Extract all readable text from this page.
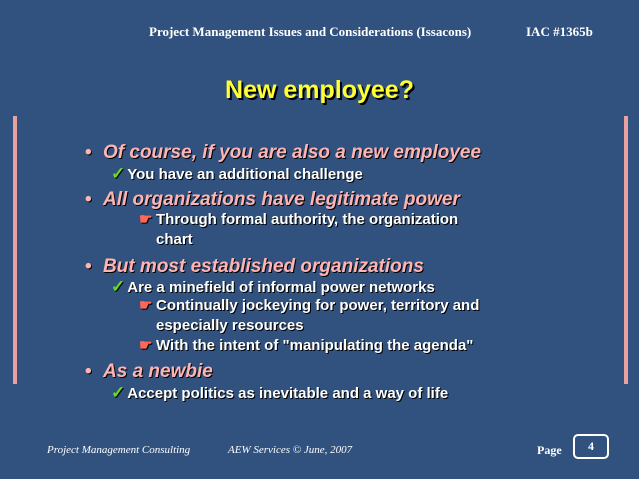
Project Management Issues and Considerations (Issacons)	IAC #1365b
New employee?
• Of course, if you are also a new employee
✓ You have an additional challenge
• All organizations have legitimate power
☛ Through formal authority, the organization
chart
• But most established organizations
✓ Are a minefield of informal power networks
☛ Continually jockeying for power, territory and
especially resources
☛ With the intent of "manipulating the agenda"
• As a newbie
✓ Accept politics as inevitable and a way of life
Project Management Consulting	AEW Services © June, 2007	Page 4
